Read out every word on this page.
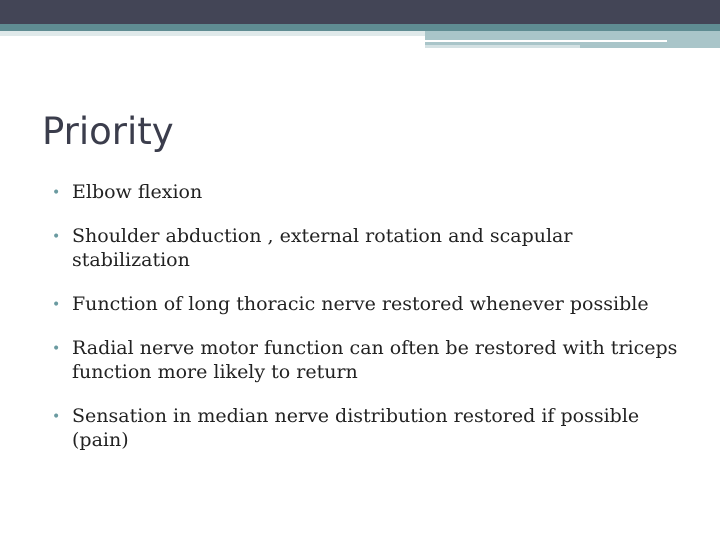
Priority
• Elbow flexion
• Shoulder abduction , external rotation and scapular stabilization
• Function of long thoracic nerve restored whenever possible
• Radial nerve motor function can often be restored with triceps function more likely to return
• Sensation in median nerve distribution restored if possible (pain)
